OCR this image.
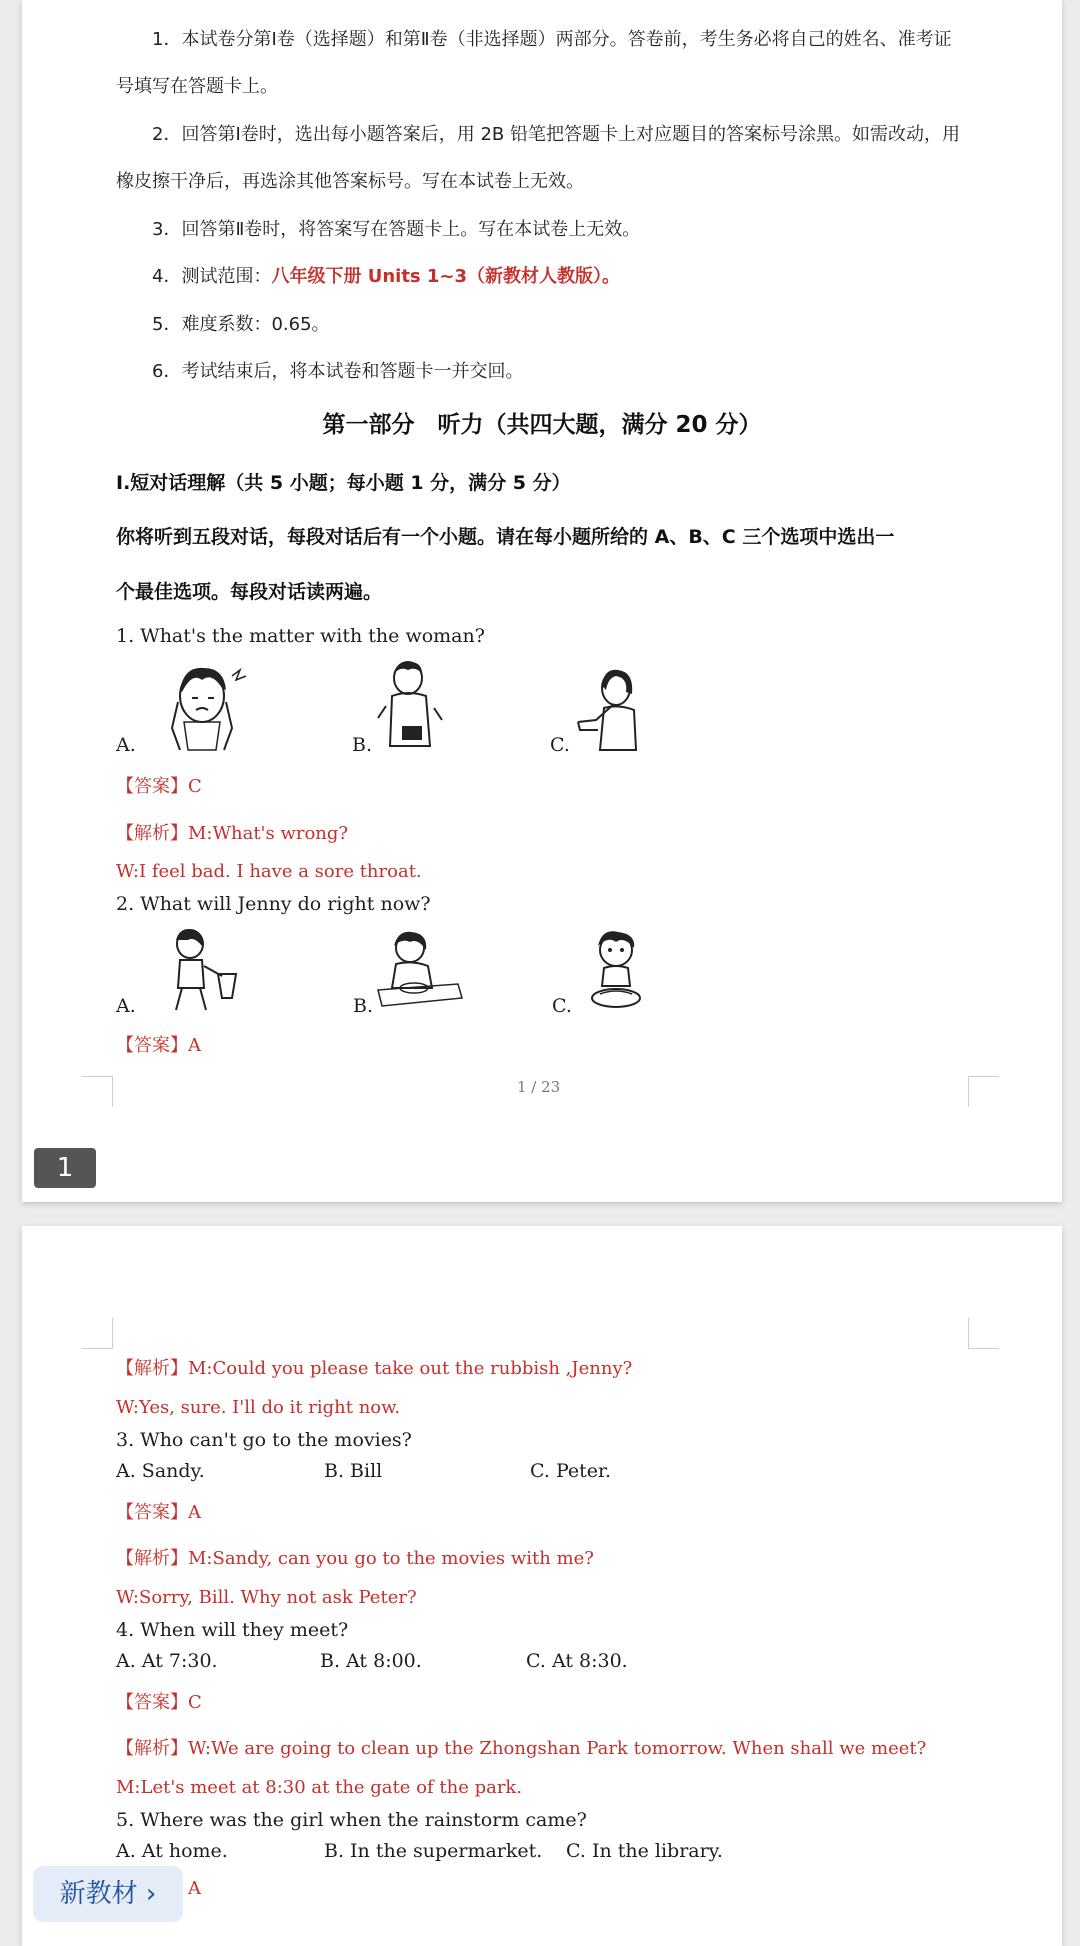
1．本试卷分第Ⅰ卷（选择题）和第Ⅱ卷（非选择题）两部分。答卷前，考生务必将自己的姓名、准考证
号填写在答题卡上。
2．回答第Ⅰ卷时，选出每小题答案后，用 2B 铅笔把答题卡上对应题目的答案标号涂黑。如需改动，用
橡皮擦干净后，再选涂其他答案标号。写在本试卷上无效。
3．回答第Ⅱ卷时，将答案写在答题卡上。写在本试卷上无效。
4．测试范围：八年级下册 Units 1~3（新教材人教版）。
5．难度系数：0.65。
6．考试结束后，将本试卷和答题卡一并交回。
第一部分　听力（共四大题，满分 20 分）
Ⅰ.短对话理解（共 5 小题；每小题 1 分，满分 5 分）
你将听到五段对话，每段对话后有一个小题。请在每小题所给的 A、B、C 三个选项中选出一
个最佳选项。每段对话读两遍。
1. What's the matter with the woman?
A.	B.	C.
【答案】C
【解析】M:What's wrong?
W:I feel bad. I have a sore throat.
2. What will Jenny do right now?
A.	B.	C.
【答案】A
1 / 23
1
【解析】M:Could you please take out the rubbish ,Jenny?
W:Yes, sure. I'll do it right now.
3. Who can't go to the movies?
A. Sandy.	B. Bill	C. Peter.
【答案】A
【解析】M:Sandy, can you go to the movies with me?
W:Sorry, Bill. Why not ask Peter?
4. When will they meet?
A. At 7:30.	B. At 8:00.	C. At 8:30.
【答案】C
【解析】W:We are going to clean up the Zhongshan Park tomorrow. When shall we meet?
M:Let's meet at 8:30 at the gate of the park.
5. Where was the girl when the rainstorm came?
A. At home.	B. In the supermarket. C. In the library.
A
新教材 ›
